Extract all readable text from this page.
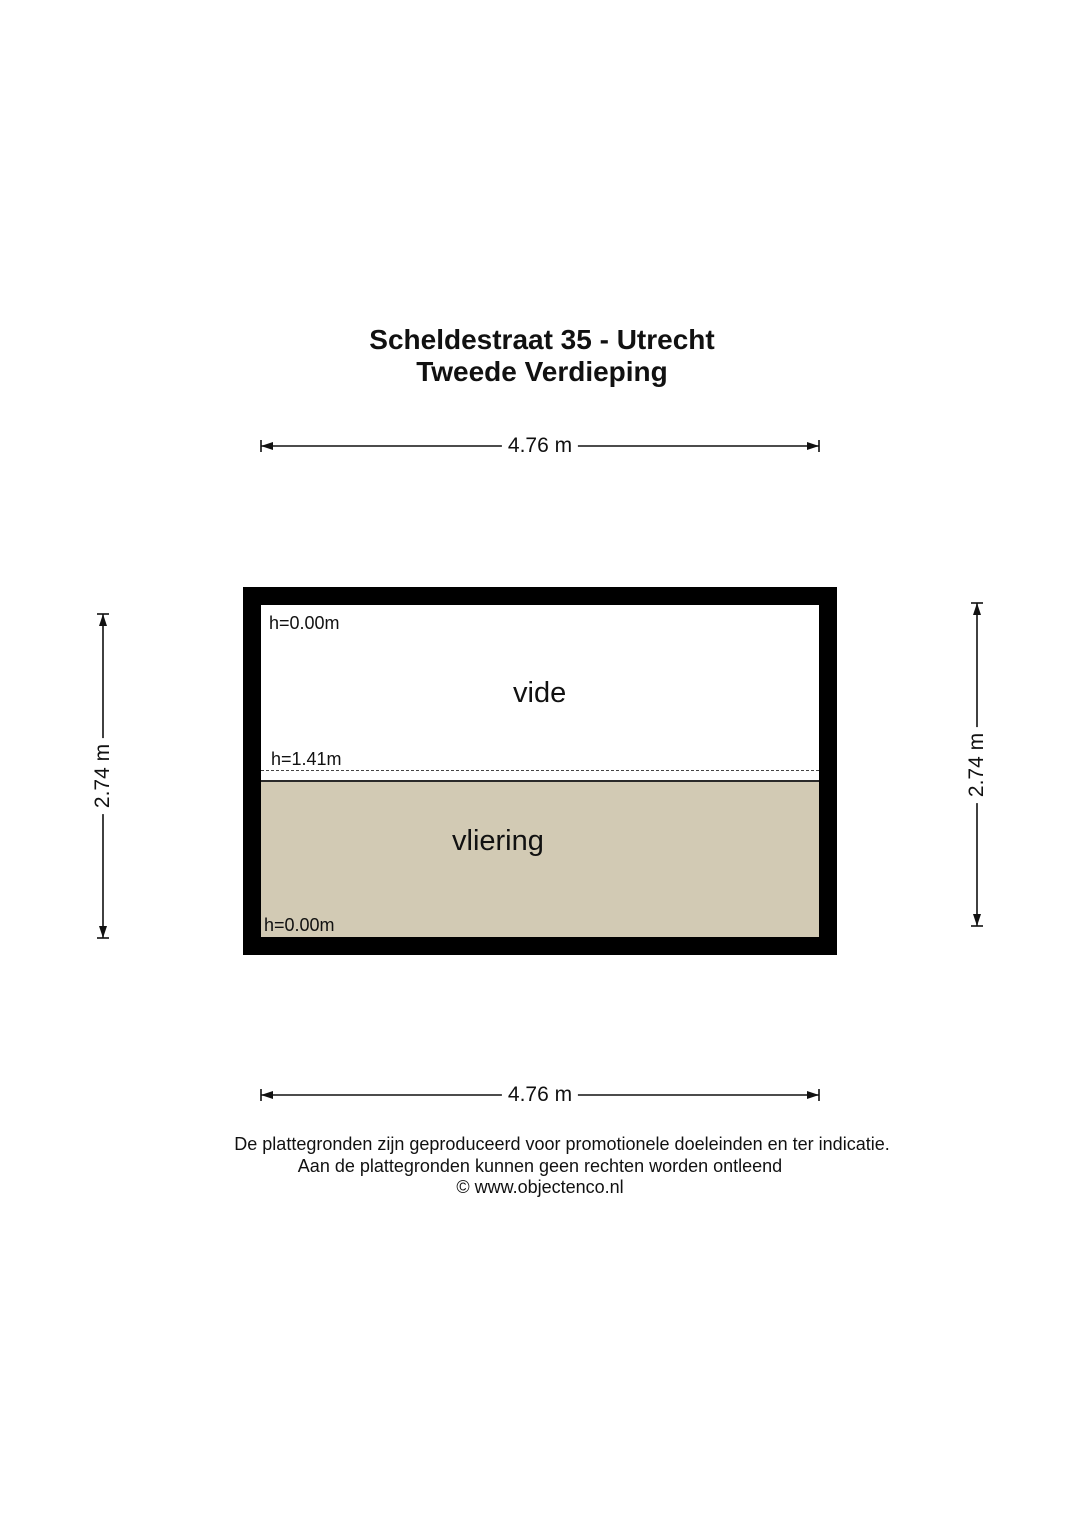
Scheldestraat 35 - Utrecht
Tweede Verdieping
4.76 m
4.76 m
2.74 m	2.74 m
h=0.00m
h=1.41m
h=0.00m
vide
vliering
De plattegronden zijn geproduceerd voor promotionele doeleinden en ter indicatie.
Aan de plattegronden kunnen geen rechten worden ontleend
© www.objectenco.nl
